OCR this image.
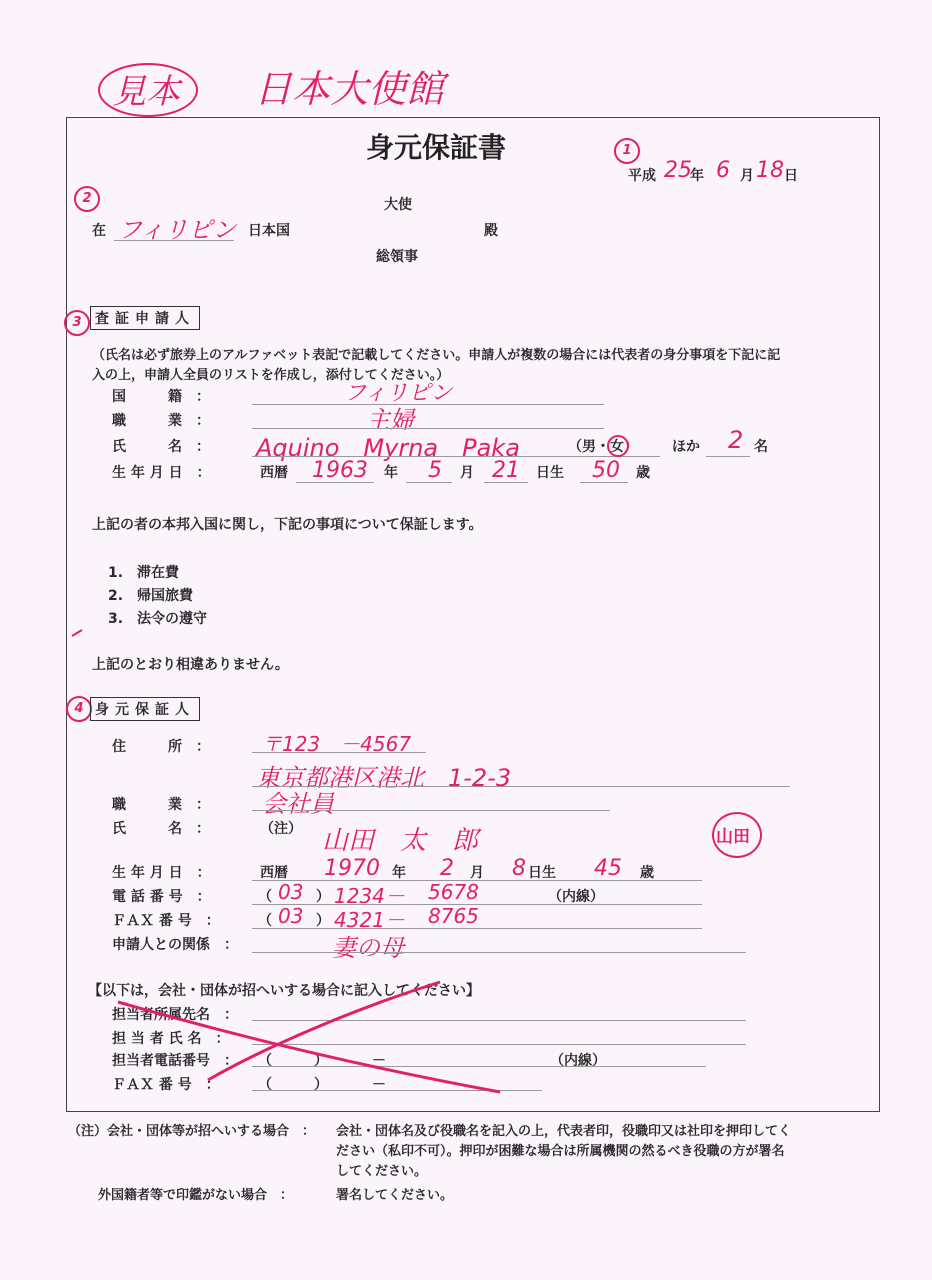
見本 日本大使館
身元保証書	1
平成 25
年 6 月 18 日
2
在 フィリピン 日本国
大使
総領事
殿
3 査証申請人
（氏名は必ず旅券上のアルファベット表記で記載してください。申請人が複数の場合には代表者の身分事項を下記に記
入の上，申請人全員のリストを作成し，添付してください。）
国　　　籍　：	フィリピン
職　　　業　：	主婦
氏　　　名　： Aquino　Myrna　Paka	（男・女） ほか 2 名
生 年 月 日　：	西暦 1963 年 5 月 21 日生 50 歳
上記の者の本邦入国に関し，下記の事項について保証します。
1.　滞在費
2.　帰国旅費
3.　法令の遵守
上記のとおり相違ありません。
4 身元保証人
住　　　所　：	〒123　－4567
東京都港区港北　1-2-3
職　　　業　： 会社員
氏　　　名　：	（注） 山田　太　郎	山田
生 年 月 日　：	西暦 1970 年 2 月 8 日生 45 歳
電 話 番 号　：	（ 03 ） 1234－ 5678	（内線）
ＦＡＸ 番 号　：	（ 03 ） 4321－ 8765
申請人との関係　：	妻の母
【以下は，会社・団体が招へいする場合に記入してください】
担当者所属先名　：
担 当 者 氏 名　：
担当者電話番号　： （　　　）	－	（内線）
ＦＡＸ 番 号　：	（　　　）	－
（注）会社・団体等が招へいする場合　： 会社・団体名及び役職名を記入の上，代表者印，役職印又は社印を押印してく
ださい（私印不可）。押印が困難な場合は所属機関の然るべき役職の方が署名
してください。
外国籍者等で印鑑がない場合　：	署名してください。
